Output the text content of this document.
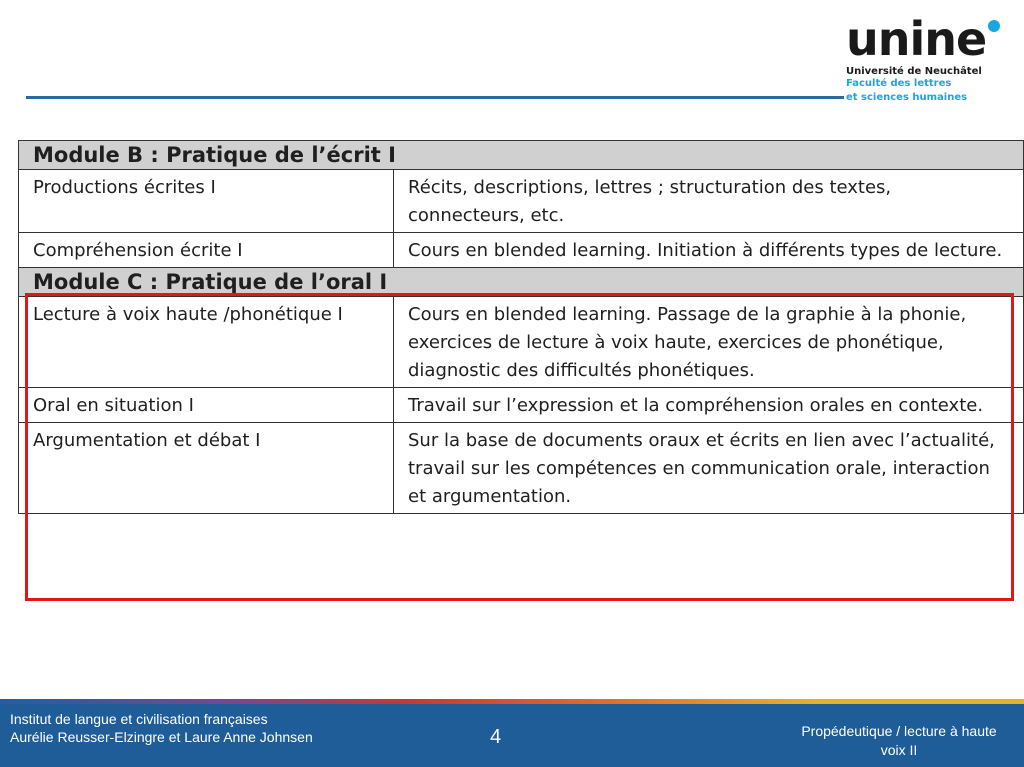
unine
Université de Neuchâtel
Faculté des lettres
et sciences humaines
Module B : Pratique de l’écrit I	
Productions écrites I	Récits, descriptions, lettres ; structuration des textes, connecteurs, etc.
Compréhension écrite I	Cours en blended learning. Initiation à différents types de lecture.
Module C : Pratique de l’oral I	
Lecture à voix haute /phonétique I	Cours en blended learning. Passage de la graphie à la phonie, exercices de lecture à voix haute, exercices de phonétique, diagnostic des difficultés phonétiques.
Oral en situation I	Travail sur l’expression et la compréhension orales en contexte.
Argumentation et débat I	Sur la base de documents oraux et écrits en lien avec l’actualité, travail sur les compétences en communication orale, interaction et argumentation.
Institut de langue et civilisation françaises
Aurélie Reusser-Elzingre et Laure Anne Johnsen	4	Propédeutique / lecture à haute
voix II
